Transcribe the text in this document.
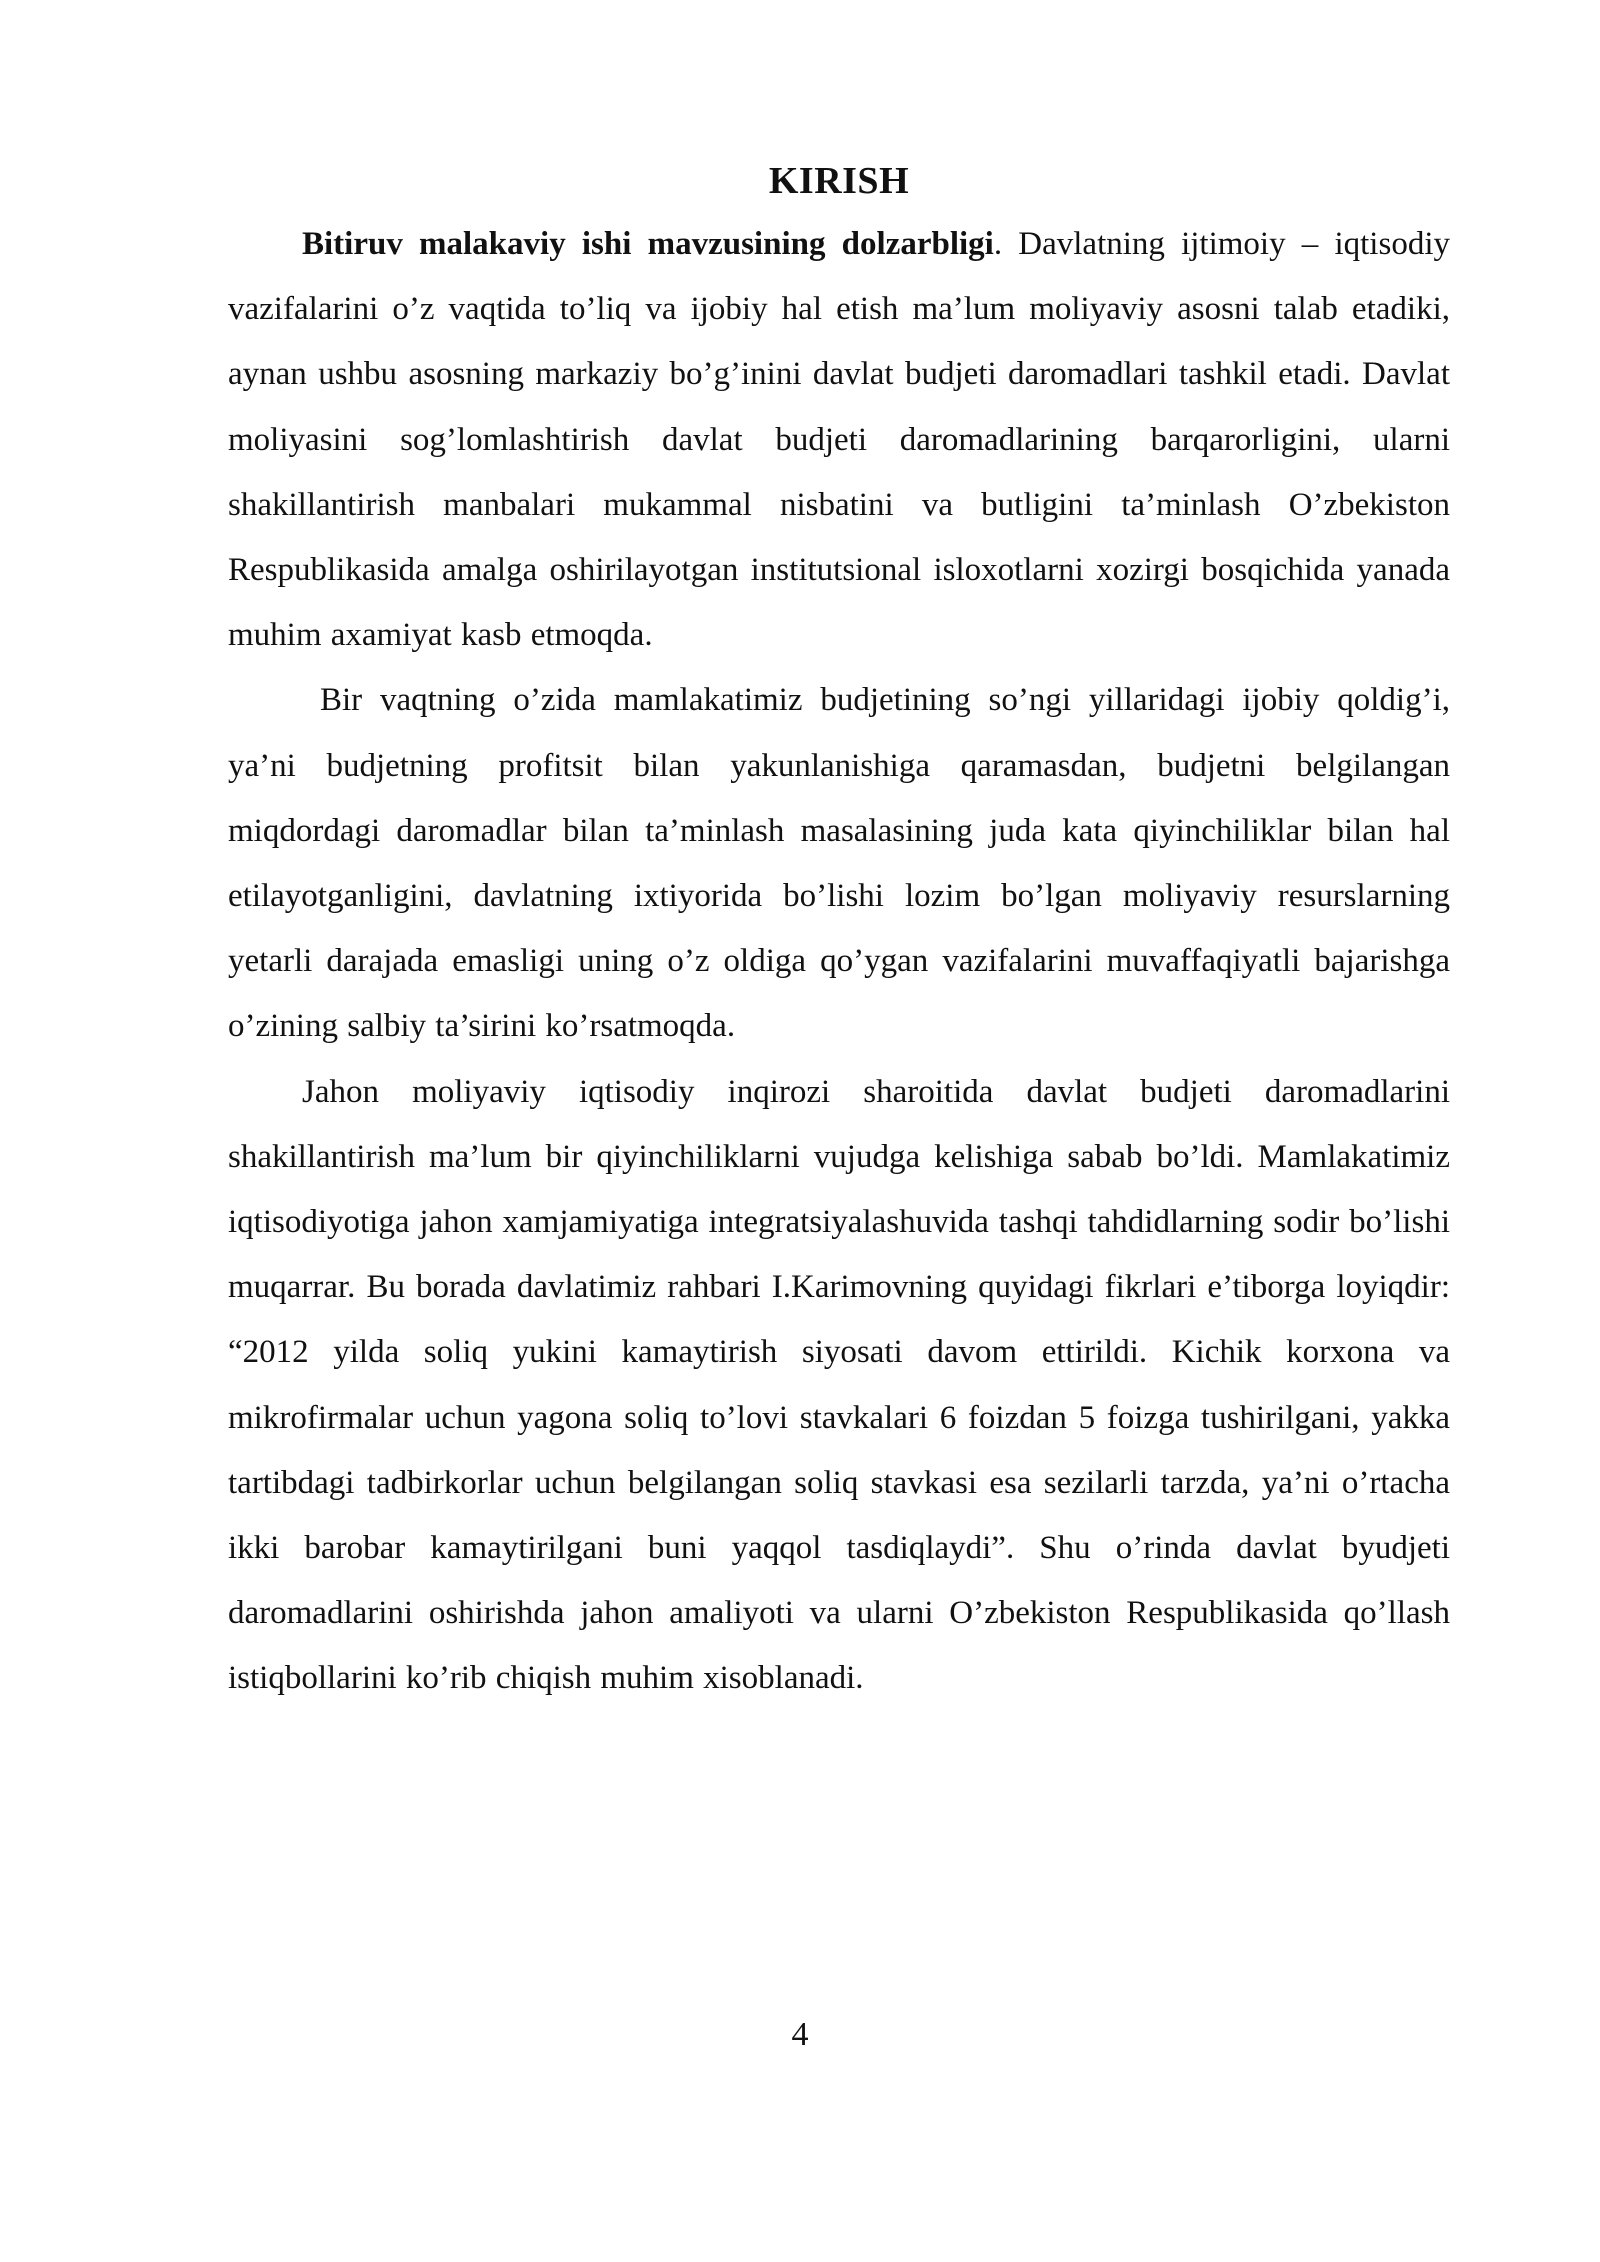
KIRISH

Bitiruv malakaviy ishi mavzusining dolzarbligi. Davlatning ijtimoiy – iqtisodiy vazifalarini o’z vaqtida to’liq va ijobiy hal etish ma’lum moliyaviy asosni talab etadiki, aynan ushbu asosning markaziy bo’g’inini davlat budjeti daromadlari tashkil etadi. Davlat moliyasini sog’lomlashtirish davlat budjeti daromadlarining barqarorligini, ularni shakillantirish manbalari mukammal nisbatini va butligini ta’minlash O’zbekiston Respublikasida amalga oshirilayotgan institutsional isloxotlarni xozirgi bosqichida yanada muhim axamiyat kasb etmoqda.

Bir vaqtning o’zida mamlakatimiz budjetining so’ngi yillaridagi ijobiy qoldig’i, ya’ni budjetning profitsit bilan yakunlanishiga qaramasdan, budjetni belgilangan miqdordagi daromadlar bilan ta’minlash masalasining juda kata qiyinchiliklar bilan hal etilayotganligini, davlatning ixtiyorida bo’lishi lozim bo’lgan moliyaviy resurslarning yetarli darajada emasligi uning o’z oldiga qo’ygan vazifalarini muvaffaqiyatli bajarishga o’zining salbiy ta’sirini ko’rsatmoqda.

Jahon moliyaviy iqtisodiy inqirozi sharoitida davlat budjeti daromadlarini shakillantirish ma’lum bir qiyinchiliklarni vujudga kelishiga sabab bo’ldi. Mamlakatimiz iqtisodiyotiga jahon xamjamiyatiga integratsiyalashuvida tashqi tahdidlarning sodir bo’lishi muqarrar. Bu borada davlatimiz rahbari I.Karimovning quyidagi fikrlari e’tiborga loyiqdir: “2012 yilda soliq yukini kamaytirish siyosati davom ettirildi. Kichik korxona va mikrofirmalar uchun yagona soliq to’lovi stavkalari 6 foizdan 5 foizga tushirilgani, yakka tartibdagi tadbirkorlar uchun belgilangan soliq stavkasi esa sezilarli tarzda, ya’ni o’rtacha ikki barobar kamaytirilgani buni yaqqol tasdiqlaydi”. Shu o’rinda davlat byudjeti daromadlarini oshirishda jahon amaliyoti va ularni O’zbekiston Respublikasida qo’llash istiqbollarini ko’rib chiqish muhim xisoblanadi.

4
